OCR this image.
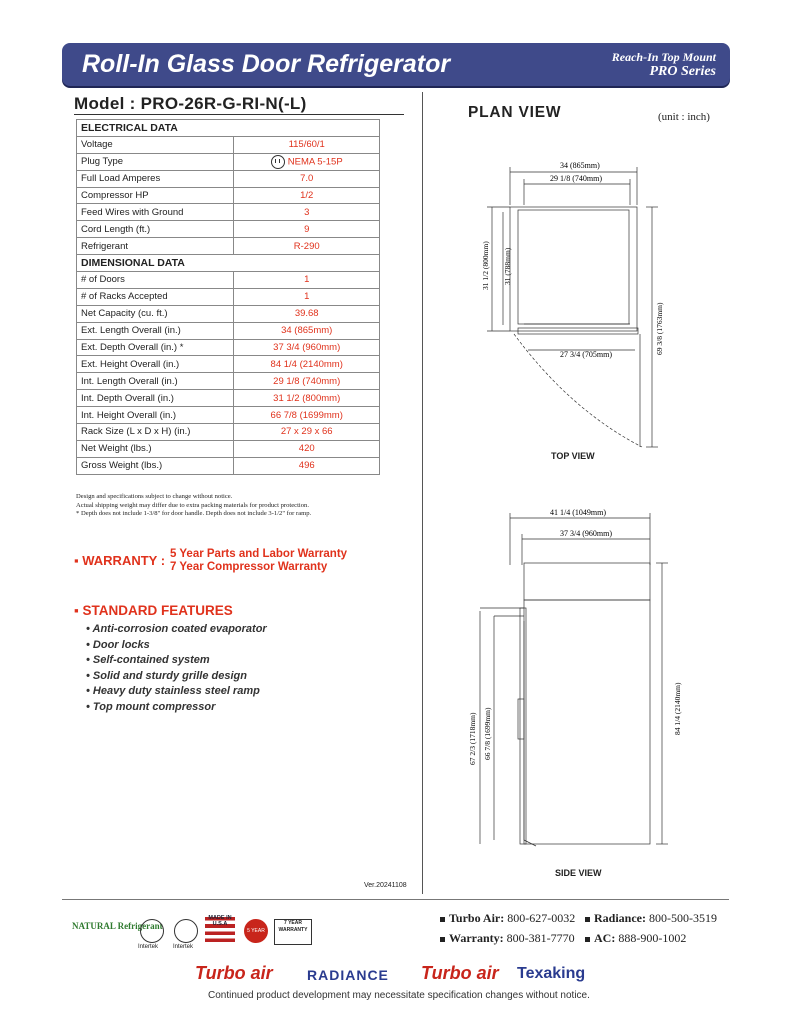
Roll-In Glass Door Refrigerator	Reach-In Top Mount
PRO Series
Model : PRO-26R-G-RI-N(-L)
ELECTRICAL DATA	
Voltage	115/60/1
Plug Type	NEMA 5-15P
Full Load Amperes	7.0
Compressor HP	1/2
Feed Wires with Ground	3
Cord Length (ft.)	9
Refrigerant	R-290
DIMENSIONAL DATA	
# of Doors	1
# of Racks Accepted	1
Net Capacity (cu. ft.)	39.68
Ext. Length Overall (in.)	34 (865mm)
Ext. Depth Overall (in.) *	37 3/4 (960mm)
Ext. Height Overall (in.)	84 1/4 (2140mm)
Int. Length Overall (in.)	29 1/8 (740mm)
Int. Depth Overall (in.)	31 1/2 (800mm)
Int. Height Overall (in.)	66 7/8 (1699mm)
Rack Size (L x D x H) (in.)	27 x 29 x 66
Net Weight (lbs.)	420
Gross Weight (lbs.)	496
Design and specifications subject to change without notice.
Actual shipping weight may differ due to extra packing materials for product protection.
* Depth does not include 1-3/8" for door handle. Depth does not include 3-1/2" for ramp.
▪ WARRANTY : 5 Year Parts and Labor Warranty
7 Year Compressor Warranty
▪ STANDARD FEATURES
• Anti-corrosion coated evaporator
• Door locks
• Self-contained system
• Solid and sturdy grille design
• Heavy duty stainless steel ramp
• Top mount compressor
PLAN VIEW	(unit : inch)
34 (865mm)
29 1/8 (740mm)
27 3/4 (705mm)
31 1/2 (800mm) 31 (788mm)
69 3/8 (1763mm)
TOP VIEW
41 1/4 (1049mm)
37 3/4 (960mm)
67 2/3 (1718mm) 66 7/8 (1699mm)	84 1/4 (2140mm)
SIDE VIEW
Ver.20241108
NATURAL Refrigerant
Intertek Intertek
MADE IN U.S.A
5 YEAR
7 YEAR WARRANTY
Turbo Air: 800-627-0032	Radiance: 800-500-3519
Warranty: 800-381-7770	AC: 888-900-1002
Turbo air RADIANCE Turbo air Texaking
Continued product development may necessitate specification changes without notice.
